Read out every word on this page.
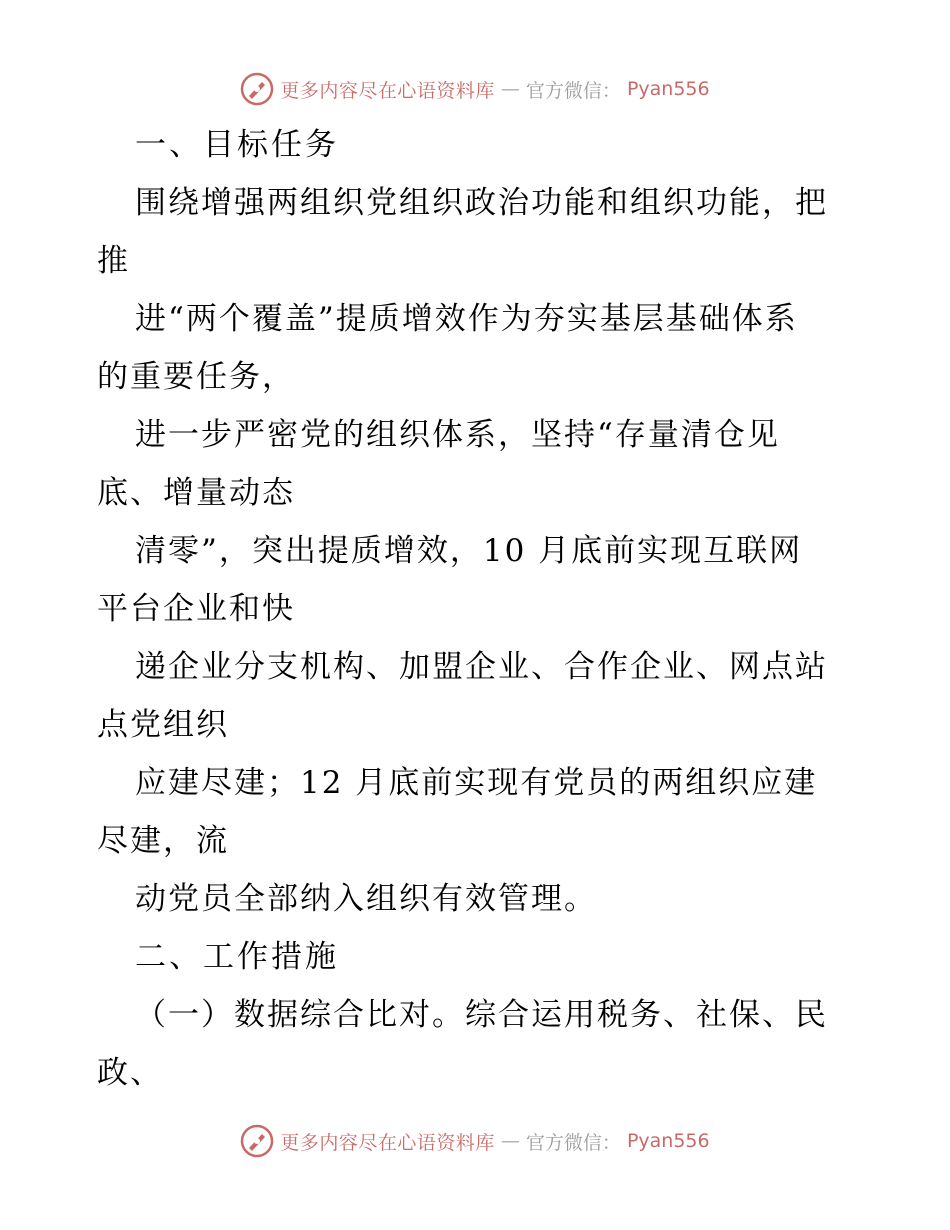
更多内容尽在心语资料库 — 官方微信： Pyan556
一、目标任务
围绕增强两组织党组织政治功能和组织功能，把
推
进“两个覆盖”提质增效作为夯实基层基础体系
的重要任务，
进一步严密党的组织体系，坚持“存量清仓见
底、增量动态
清零”，突出提质增效，10 月底前实现互联网
平台企业和快
递企业分支机构、加盟企业、合作企业、网点站
点党组织
应建尽建；12 月底前实现有党员的两组织应建
尽建，流
动党员全部纳入组织有效管理。
二、工作措施
（一）数据综合比对。综合运用税务、社保、民
政、
更多内容尽在心语资料库 — 官方微信： Pyan556
